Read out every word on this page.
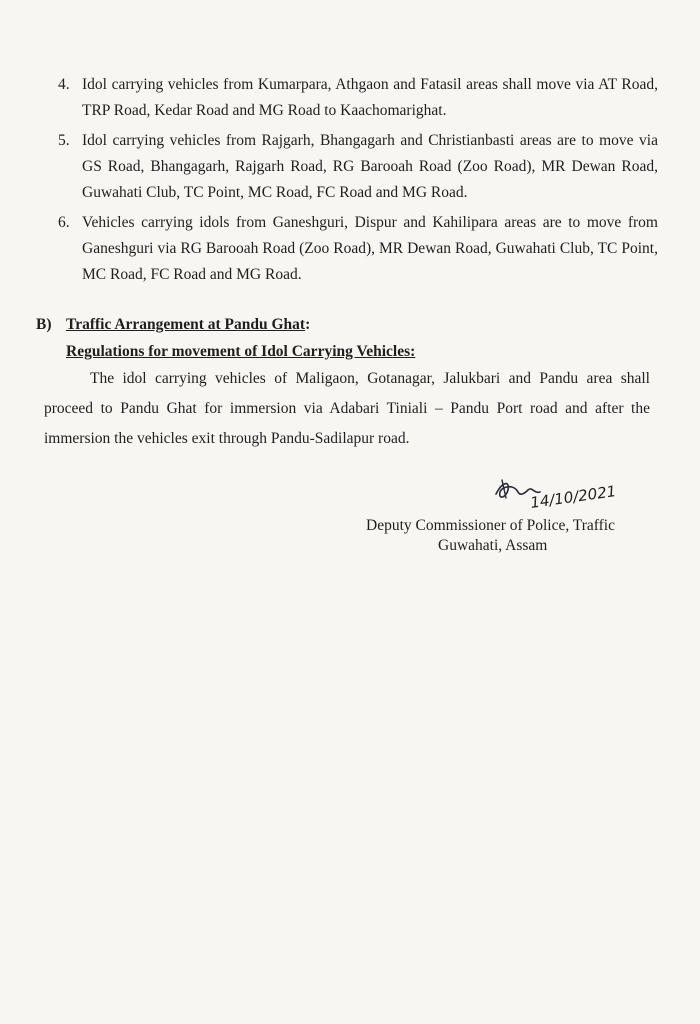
4. Idol carrying vehicles from Kumarpara, Athgaon and Fatasil areas shall move via AT Road, TRP Road, Kedar Road and MG Road to Kaachomarighat.
5. Idol carrying vehicles from Rajgarh, Bhangagarh and Christianbasti areas are to move via GS Road, Bhangagarh, Rajgarh Road, RG Barooah Road (Zoo Road), MR Dewan Road, Guwahati Club, TC Point, MC Road, FC Road and MG Road.
6. Vehicles carrying idols from Ganeshguri, Dispur and Kahilipara areas are to move from Ganeshguri via RG Barooah Road (Zoo Road), MR Dewan Road, Guwahati Club, TC Point, MC Road, FC Road and MG Road.
B) Traffic Arrangement at Pandu Ghat:
Regulations for movement of Idol Carrying Vehicles:
The idol carrying vehicles of Maligaon, Gotanagar, Jalukbari and Pandu area shall proceed to Pandu Ghat for immersion via Adabari Tiniali – Pandu Port road and after the immersion the vehicles exit through Pandu-Sadilapur road.
14/10/2021
Deputy Commissioner of Police, Traffic
Guwahati, Assam
